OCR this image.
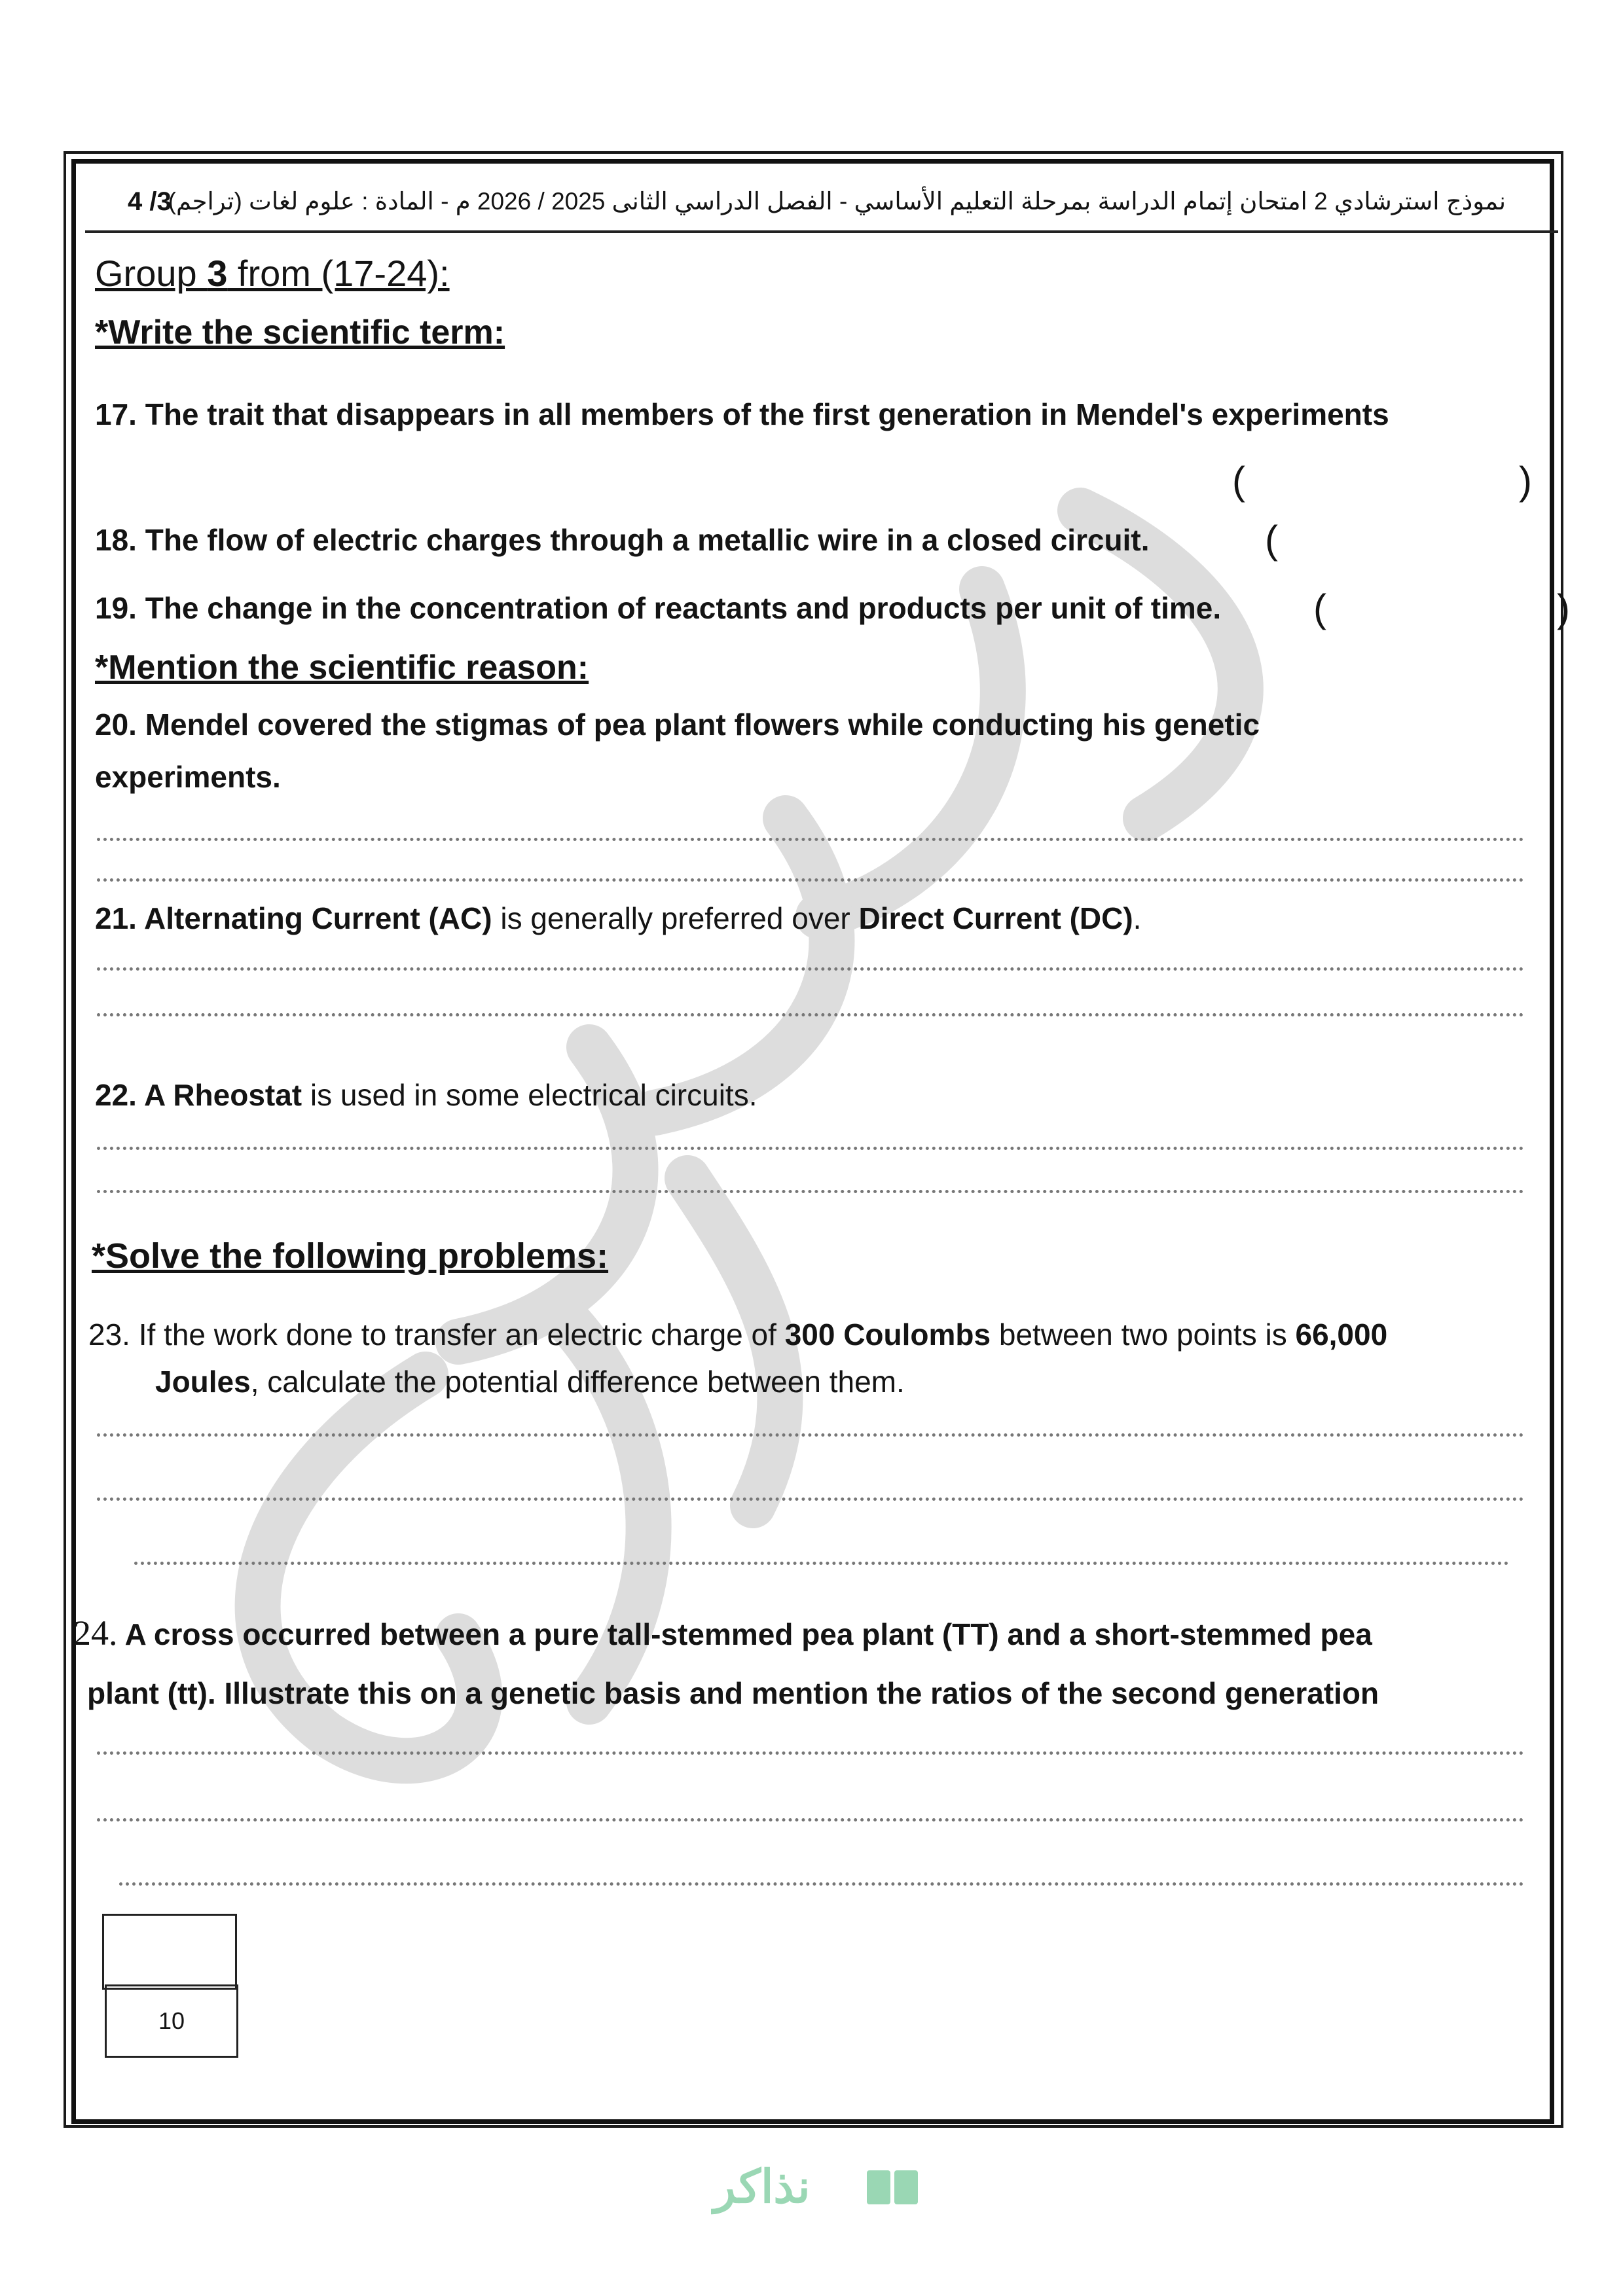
4 /3
نموذج استرشادي 2 امتحان إتمام الدراسة بمرحلة التعليم الأساسي - الفصل الدراسي الثانى 2025 / 2026 م - المادة : علوم لغات (تراجم)
Group 3 from (17-24):
*Write the scientific term:
17. The trait that disappears in all members of the first generation in Mendel's experiments
(	)
18. The flow of electric charges through a metallic wire in a closed circuit.	(
19. The change in the concentration of reactants and products per unit of time. (	)
*Mention the scientific reason:
20. Mendel covered the stigmas of pea plant flowers while conducting his genetic
experiments.
21. Alternating Current (AC) is generally preferred over Direct Current (DC).
22. A Rheostat is used in some electrical circuits.
*Solve the following problems:
23. If the work done to transfer an electric charge of 300 Coulombs between two points is 66,000
Joules, calculate the potential difference between them.
24. A cross occurred between a pure tall-stemmed pea plant (TT) and a short-stemmed pea
plant (tt). Illustrate this on a genetic basis and mention the ratios of the second generation
10
نذاكر
